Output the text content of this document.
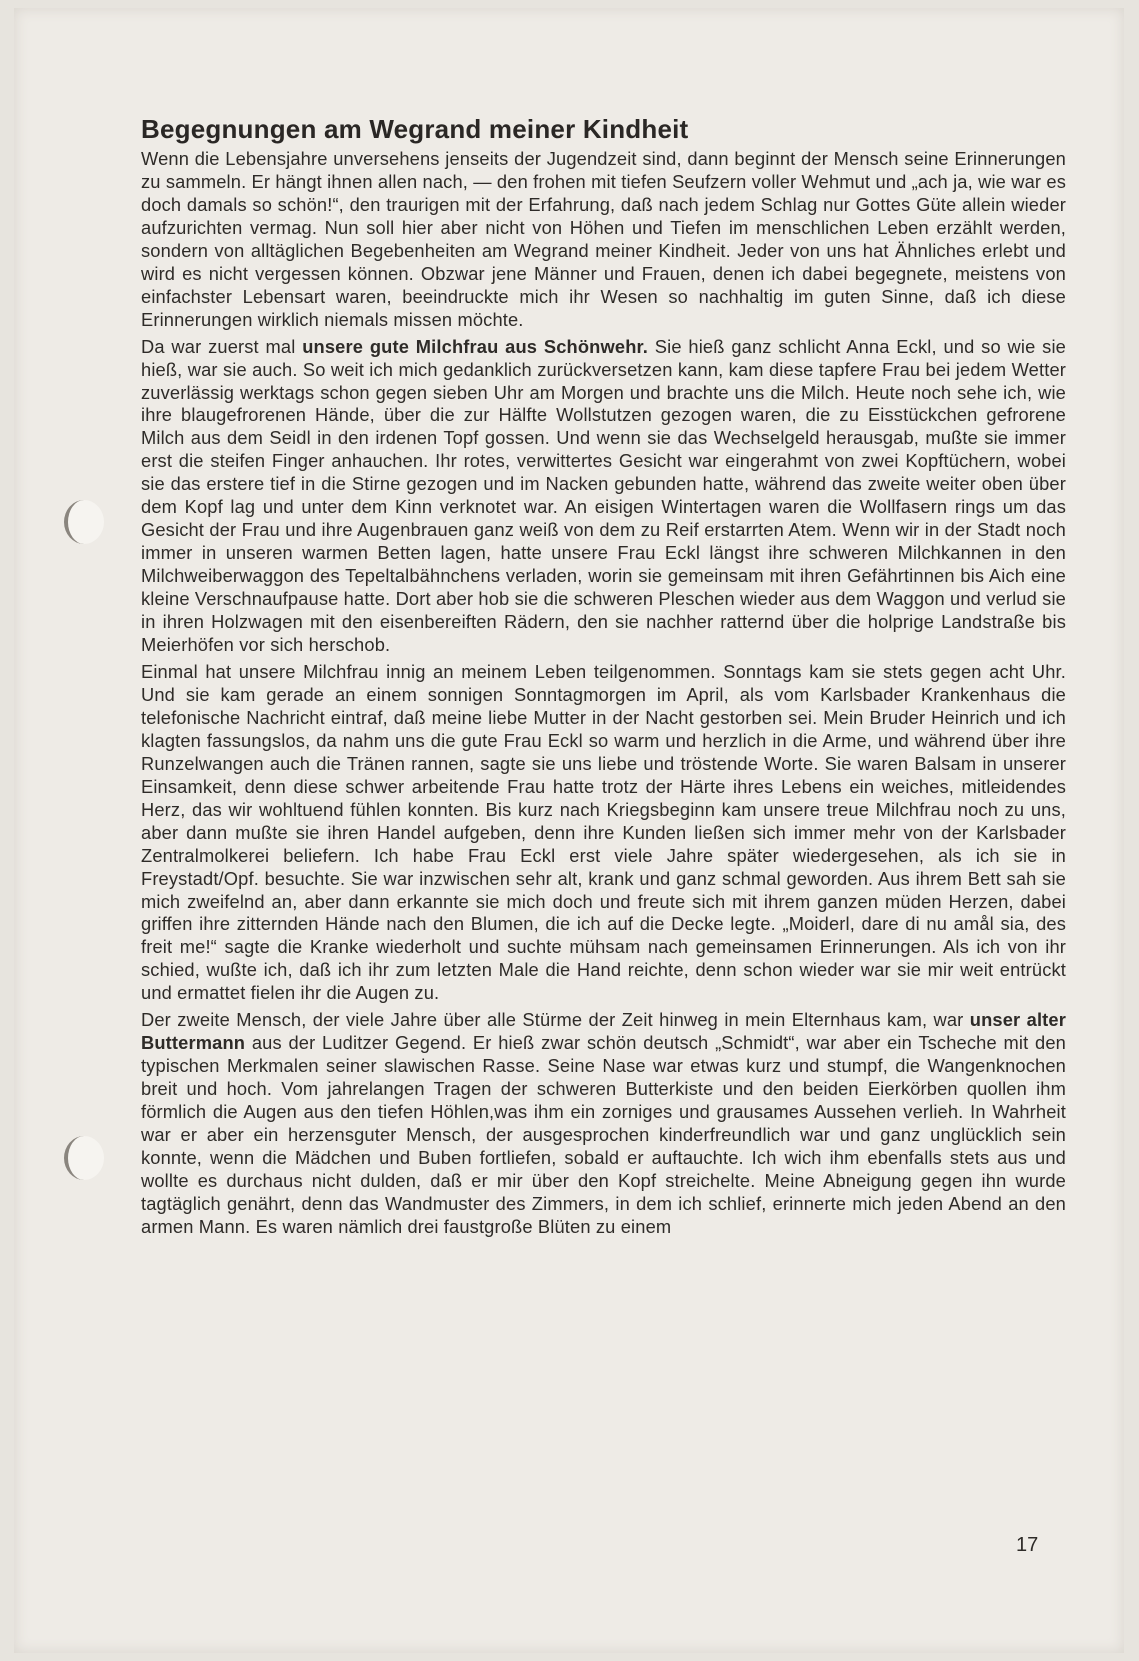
Begegnungen am Wegrand meiner Kindheit

Wenn die Lebensjahre unversehens jenseits der Jugendzeit sind, dann beginnt der Mensch seine Erinnerungen zu sammeln. Er hängt ihnen allen nach, — den frohen mit tiefen Seufzern voller Wehmut und „ach ja, wie war es doch damals so schön!“, den traurigen mit der Erfahrung, daß nach jedem Schlag nur Gottes Güte allein wieder aufzurichten vermag. Nun soll hier aber nicht von Höhen und Tiefen im menschlichen Leben erzählt werden, sondern von alltäglichen Begebenheiten am Wegrand meiner Kindheit. Jeder von uns hat Ähnliches erlebt und wird es nicht vergessen können. Obzwar jene Männer und Frauen, denen ich dabei begegnete, meistens von einfachster Lebensart waren, beeindruckte mich ihr Wesen so nachhaltig im guten Sinne, daß ich diese Erinnerungen wirklich niemals missen möchte.

Da war zuerst mal unsere gute Milchfrau aus Schönwehr. Sie hieß ganz schlicht Anna Eckl, und so wie sie hieß, war sie auch. So weit ich mich gedanklich zurückversetzen kann, kam diese tapfere Frau bei jedem Wetter zuverlässig werktags schon gegen sieben Uhr am Morgen und brachte uns die Milch. Heute noch sehe ich, wie ihre blaugefrorenen Hände, über die zur Hälfte Wollstutzen gezogen waren, die zu Eisstückchen gefrorene Milch aus dem Seidl in den irdenen Topf gossen. Und wenn sie das Wechselgeld herausgab, mußte sie immer erst die steifen Finger anhauchen. Ihr rotes, verwittertes Gesicht war eingerahmt von zwei Kopftüchern, wobei sie das erstere tief in die Stirne gezogen und im Nacken gebunden hatte, während das zweite weiter oben über dem Kopf lag und unter dem Kinn verknotet war. An eisigen Wintertagen waren die Wollfasern rings um das Gesicht der Frau und ihre Augenbrauen ganz weiß von dem zu Reif erstarrten Atem. Wenn wir in der Stadt noch immer in unseren warmen Betten lagen, hatte unsere Frau Eckl längst ihre schweren Milchkannen in den Milchweiberwaggon des Tepeltalbähnchens verladen, worin sie gemeinsam mit ihren Gefährtinnen bis Aich eine kleine Verschnaufpause hatte. Dort aber hob sie die schweren Pleschen wieder aus dem Waggon und verlud sie in ihren Holzwagen mit den eisenbereiften Rädern, den sie nachher ratternd über die holprige Landstraße bis Meierhöfen vor sich herschob.

Einmal hat unsere Milchfrau innig an meinem Leben teilgenommen. Sonntags kam sie stets gegen acht Uhr. Und sie kam gerade an einem sonnigen Sonntagmorgen im April, als vom Karlsbader Krankenhaus die telefonische Nachricht eintraf, daß meine liebe Mutter in der Nacht gestorben sei. Mein Bruder Heinrich und ich klagten fassungslos, da nahm uns die gute Frau Eckl so warm und herzlich in die Arme, und während über ihre Runzelwangen auch die Tränen rannen, sagte sie uns liebe und tröstende Worte. Sie waren Balsam in unserer Einsamkeit, denn diese schwer arbeitende Frau hatte trotz der Härte ihres Lebens ein weiches, mitleidendes Herz, das wir wohltuend fühlen konnten. Bis kurz nach Kriegsbeginn kam unsere treue Milchfrau noch zu uns, aber dann mußte sie ihren Handel aufgeben, denn ihre Kunden ließen sich immer mehr von der Karlsbader Zentralmolkerei beliefern. Ich habe Frau Eckl erst viele Jahre später wiedergesehen, als ich sie in Freystadt/Opf. besuchte. Sie war inzwischen sehr alt, krank und ganz schmal geworden. Aus ihrem Bett sah sie mich zweifelnd an, aber dann erkannte sie mich doch und freute sich mit ihrem ganzen müden Herzen, dabei griffen ihre zitternden Hände nach den Blumen, die ich auf die Decke legte. „Moiderl, dare di nu amål sia, des freit me!“ sagte die Kranke wiederholt und suchte mühsam nach gemeinsamen Erinnerungen. Als ich von ihr schied, wußte ich, daß ich ihr zum letzten Male die Hand reichte, denn schon wieder war sie mir weit entrückt und ermattet fielen ihr die Augen zu.

Der zweite Mensch, der viele Jahre über alle Stürme der Zeit hinweg in mein Elternhaus kam, war unser alter Buttermann aus der Luditzer Gegend. Er hieß zwar schön deutsch „Schmidt“, war aber ein Tscheche mit den typischen Merkmalen seiner slawischen Rasse. Seine Nase war etwas kurz und stumpf, die Wangenknochen breit und hoch. Vom jahrelangen Tragen der schweren Butterkiste und den beiden Eierkörben quollen ihm förmlich die Augen aus den tiefen Höhlen,was ihm ein zorniges und grausames Aussehen verlieh. In Wahrheit war er aber ein herzensguter Mensch, der ausgesprochen kinderfreundlich war und ganz unglücklich sein konnte, wenn die Mädchen und Buben fortliefen, sobald er auftauchte. Ich wich ihm ebenfalls stets aus und wollte es durchaus nicht dulden, daß er mir über den Kopf streichelte. Meine Abneigung gegen ihn wurde tagtäglich genährt, denn das Wandmuster des Zimmers, in dem ich schlief, erinnerte mich jeden Abend an den armen Mann. Es waren nämlich drei faustgroße Blüten zu einem

17
